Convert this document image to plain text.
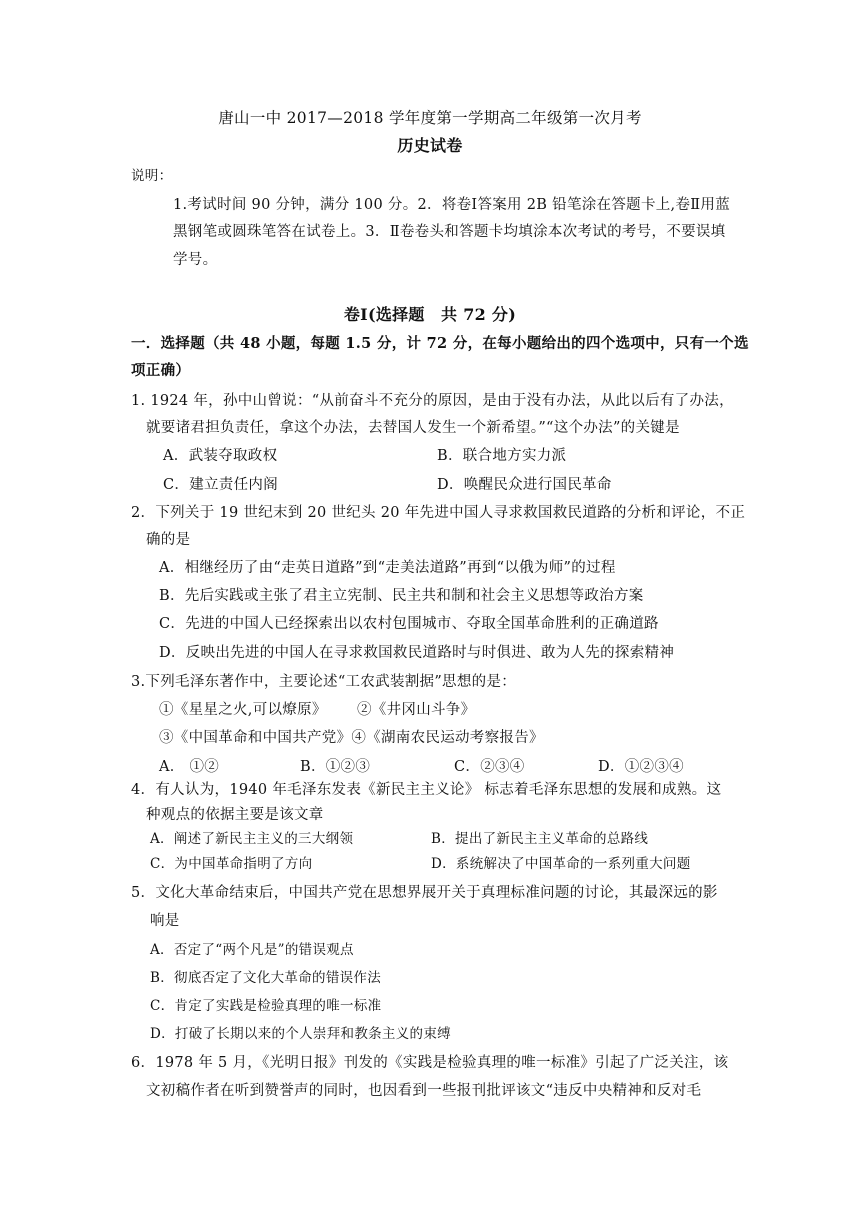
唐山一中 2017—2018 学年度第一学期高二年级第一次月考
历史试卷
说明：
1.考试时间 90 分钟，满分 100 分。2．将卷Ⅰ答案用 2B 铅笔涂在答题卡上,卷Ⅱ用蓝
黑钢笔或圆珠笔答在试卷上。3．Ⅱ卷卷头和答题卡均填涂本次考试的考号，不要误填
学号。
卷Ⅰ(选择题　共 72 分)
一．选择题（共 48 小题，每题 1.5 分，计 72 分，在每小题给出的四个选项中，只有一个选
项正确）
1. 1924 年，孙中山曾说：“从前奋斗不充分的原因，是由于没有办法，从此以后有了办法，
就要诸君担负责任，拿这个办法，去替国人发生一个新希望。”“这个办法”的关键是
A．武装夺取政权	B．联合地方实力派
C．建立责任内阁	D．唤醒民众进行国民革命
2．下列关于 19 世纪末到 20 世纪头 20 年先进中国人寻求救国救民道路的分析和评论，不正
确的是
A．相继经历了由“走英日道路”到“走美法道路”再到“以俄为师”的过程
B．先后实践或主张了君主立宪制、民主共和制和社会主义思想等政治方案
C．先进的中国人已经探索出以农村包围城市、夺取全国革命胜利的正确道路
D．反映出先进的中国人在寻求救国救民道路时与时俱进、敢为人先的探索精神
3.下列毛泽东著作中，主要论述“工农武装割据”思想的是：
①《星星之火,可以燎原》 ②《井冈山斗争》
③《中国革命和中国共产党》④《湖南农民运动考察报告》
A． ①②	B．①②③	C．②③④	D．①②③④
4．有人认为，1940 年毛泽东发表《新民主主义论》 标志着毛泽东思想的发展和成熟。这
种观点的依据主要是该文章
A．阐述了新民主主义的三大纲领	B．提出了新民主主义革命的总路线
C．为中国革命指明了方向	D．系统解决了中国革命的一系列重大问题
5．文化大革命结束后，中国共产党在思想界展开关于真理标准问题的讨论，其最深远的影
响是
A．否定了“两个凡是”的错误观点
B．彻底否定了文化大革命的错误作法
C．肯定了实践是检验真理的唯一标准
D．打破了长期以来的个人崇拜和教条主义的束缚
6．1978 年 5 月，《光明日报》刊发的《实践是检验真理的唯一标准》引起了广泛关注，该
文初稿作者在听到赞誉声的同时，也因看到一些报刊批评该文“违反中央精神和反对毛
